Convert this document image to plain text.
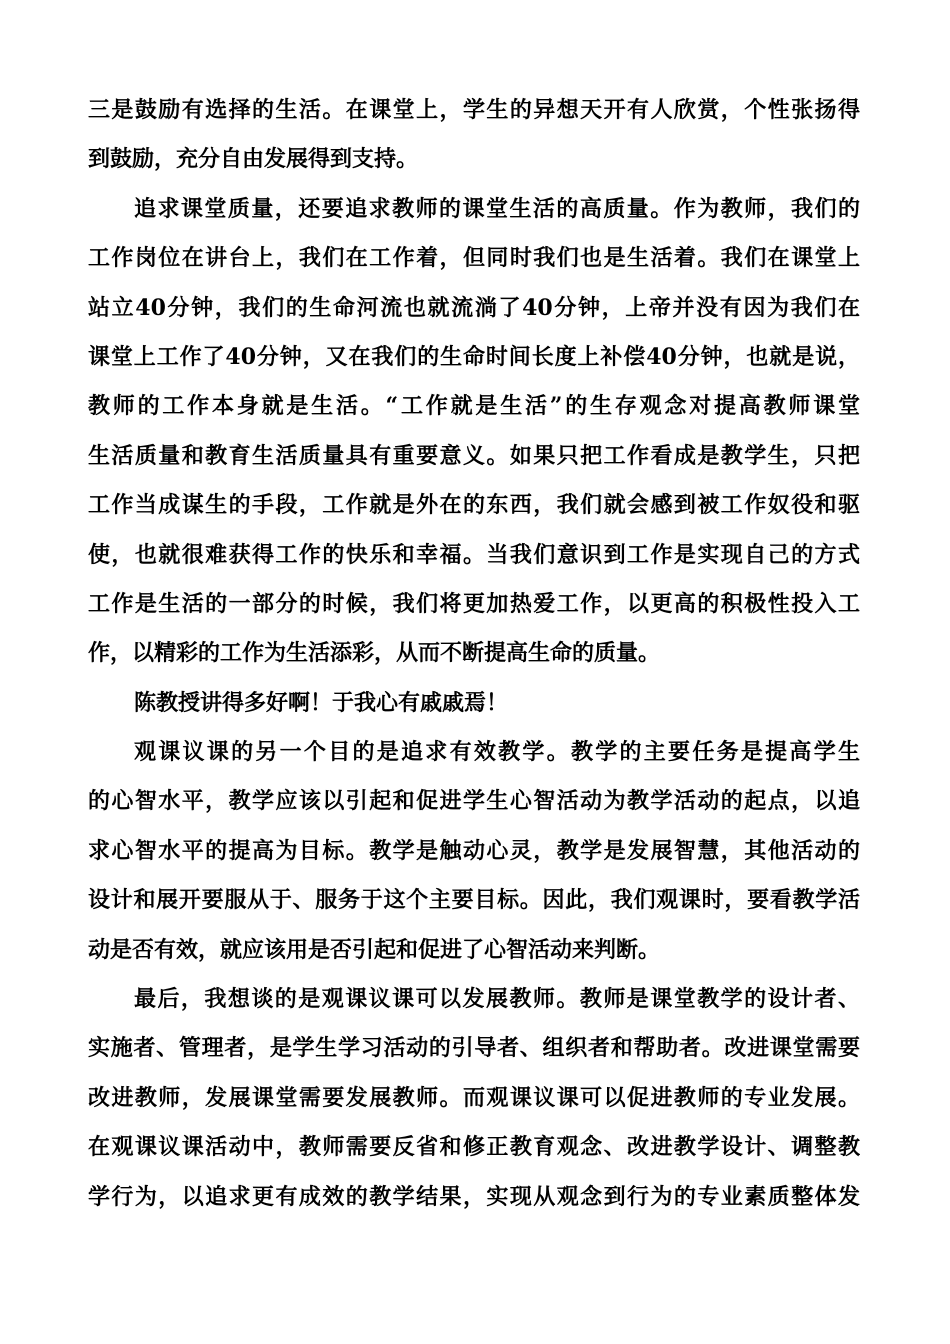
三是鼓励有选择的生活。在课堂上，学生的异想天开有人欣赏，个性张扬得
到鼓励，充分自由发展得到支持。
追求课堂质量，还要追求教师的课堂生活的高质量。作为教师，我们的
工作岗位在讲台上，我们在工作着，但同时我们也是生活着。我们在课堂上
站立40分钟，我们的生命河流也就流淌了40分钟，上帝并没有因为我们在
课堂上工作了40分钟，又在我们的生命时间长度上补偿40分钟，也就是说，
教师的工作本身就是生活。“工作就是生活”的生存观念对提高教师课堂
生活质量和教育生活质量具有重要意义。如果只把工作看成是教学生，只把
工作当成谋生的手段，工作就是外在的东西，我们就会感到被工作奴役和驱
使，也就很难获得工作的快乐和幸福。当我们意识到工作是实现自己的方式
工作是生活的一部分的时候，我们将更加热爱工作，以更高的积极性投入工
作，以精彩的工作为生活添彩，从而不断提高生命的质量。
陈教授讲得多好啊！于我心有戚戚焉！
观课议课的另一个目的是追求有效教学。教学的主要任务是提高学生
的心智水平，教学应该以引起和促进学生心智活动为教学活动的起点，以追
求心智水平的提高为目标。教学是触动心灵，教学是发展智慧，其他活动的
设计和展开要服从于、服务于这个主要目标。因此，我们观课时，要看教学活
动是否有效，就应该用是否引起和促进了心智活动来判断。
最后，我想谈的是观课议课可以发展教师。教师是课堂教学的设计者、
实施者、管理者，是学生学习活动的引导者、组织者和帮助者。改进课堂需要
改进教师，发展课堂需要发展教师。而观课议课可以促进教师的专业发展。
在观课议课活动中，教师需要反省和修正教育观念、改进教学设计、调整教
学行为，以追求更有成效的教学结果，实现从观念到行为的专业素质整体发
